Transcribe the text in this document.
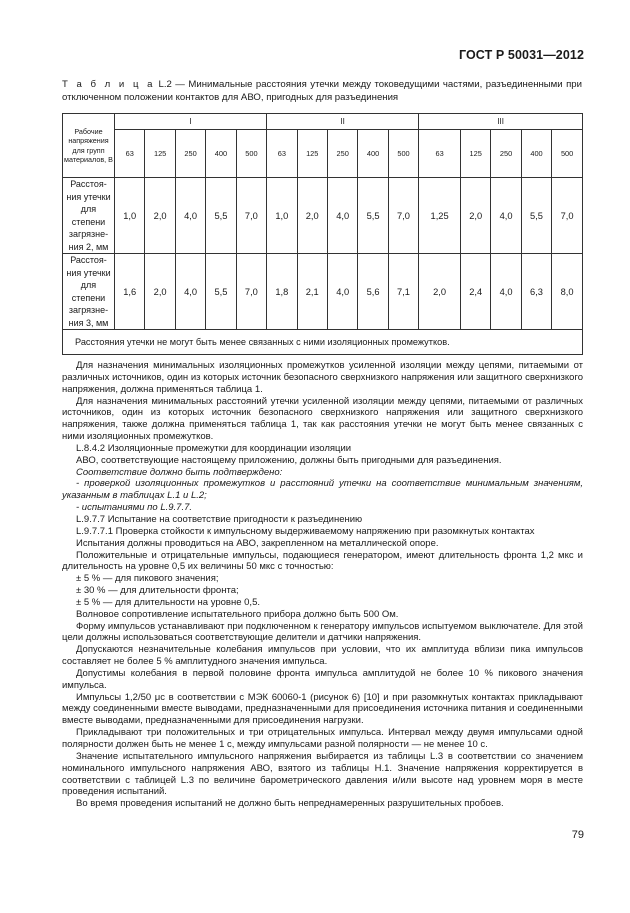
ГОСТ Р 50031—2012
Т а б л и ц а L.2 — Минимальные расстояния утечки между токоведущими частями, разъединенными при отключенном положении контактов для АВО, пригодных для разъединения
Рабочие напряжения для групп материалов, В	I					II					III				
	63	125	250	400	500	63	125	250	400	500	63	125	250	400	500
Расстоя-ния утечки для степени загрязне-ния 2, мм	1,0	2,0	4,0	5,5	7,0	1,0	2,0	4,0	5,5	7,0	1,25	2,0	4,0	5,5	7,0
Расстоя-ния утечки для степени загрязне-ния 3, мм	1,6	2,0	4,0	5,5	7,0	1,8	2,1	4,0	5,6	7,1	2,0	2,4	4,0	6,3	8,0
Расстояния утечки не могут быть менее связанных с ними изоляционных промежутков.															

Для назначения минимальных изоляционных промежутков усиленной изоляции между цепями, питаемыми от различных источников, один из которых источник безопасного сверхнизкого напряжения или защитного сверхнизкого напряжения, должна применяться таблица 1.

Для назначения минимальных расстояний утечки усиленной изоляции между цепями, питаемыми от различных источников, один из которых источник безопасного сверхнизкого напряжения или защитного сверхнизкого напряжения, также должна применяться таблица 1, так как расстояния утечки не могут быть менее связанных с ними изоляционных промежутков.

L.8.4.2 Изоляционные промежутки для координации изоляции

АВО, соответствующие настоящему приложению, должны быть пригодными для разъединения.

Соответствие должно быть подтверждено:

- проверкой изоляционных промежутков и расстояний утечки на соответствие минимальным значениям, указанным в таблицах L.1 и L.2;

- испытаниями по L.9.7.7.

L.9.7.7 Испытание на соответствие пригодности к разъединению

L.9.7.7.1 Проверка стойкости к импульсному выдерживаемому напряжению при разомкнутых контактах

Испытания должны проводиться на АВО, закрепленном на металлической опоре.

Положительные и отрицательные импульсы, подающиеся генератором, имеют длительность фронта 1,2 мкс и длительность на уровне 0,5 их величины 50 мкс с точностью:

± 5 % — для пикового значения;

± 30 % — для длительности фронта;

± 5 % — для длительности на уровне 0,5.

Волновое сопротивление испытательного прибора должно быть 500 Ом.

Форму импульсов устанавливают при подключенном к генератору импульсов испытуемом выключателе. Для этой цели должны использоваться соответствующие делители и датчики напряжения.

Допускаются незначительные колебания импульсов при условии, что их амплитуда вблизи пика импульсов составляет не более 5 % амплитудного значения импульса.

Допустимы колебания в первой половине фронта импульса амплитудой не более 10 % пикового значения импульса.

Импульсы 1,2/50 μс в соответствии с МЭК 60060-1 (рисунок 6) [10] и при разомкнутых контактах прикладывают между соединенными вместе выводами, предназначенными для присоединения источника питания и соединенными вместе выводами, предназначенными для присоединения нагрузки.

Прикладывают три положительных и три отрицательных импульса. Интервал между двумя импульсами одной полярности должен быть не менее 1 с, между импульсами разной полярности — не менее 10 с.

Значение испытательного импульсного напряжения выбирается из таблицы L.3 в соответствии со значением номинального импульсного напряжения АВО, взятого из таблицы Н.1. Значение напряжения корректируется в соответствии с таблицей L.3 по величине барометрического давления и/или высоте над уровнем моря в месте проведения испытаний.

Во время проведения испытаний не должно быть непреднамеренных разрушительных пробоев.

79
